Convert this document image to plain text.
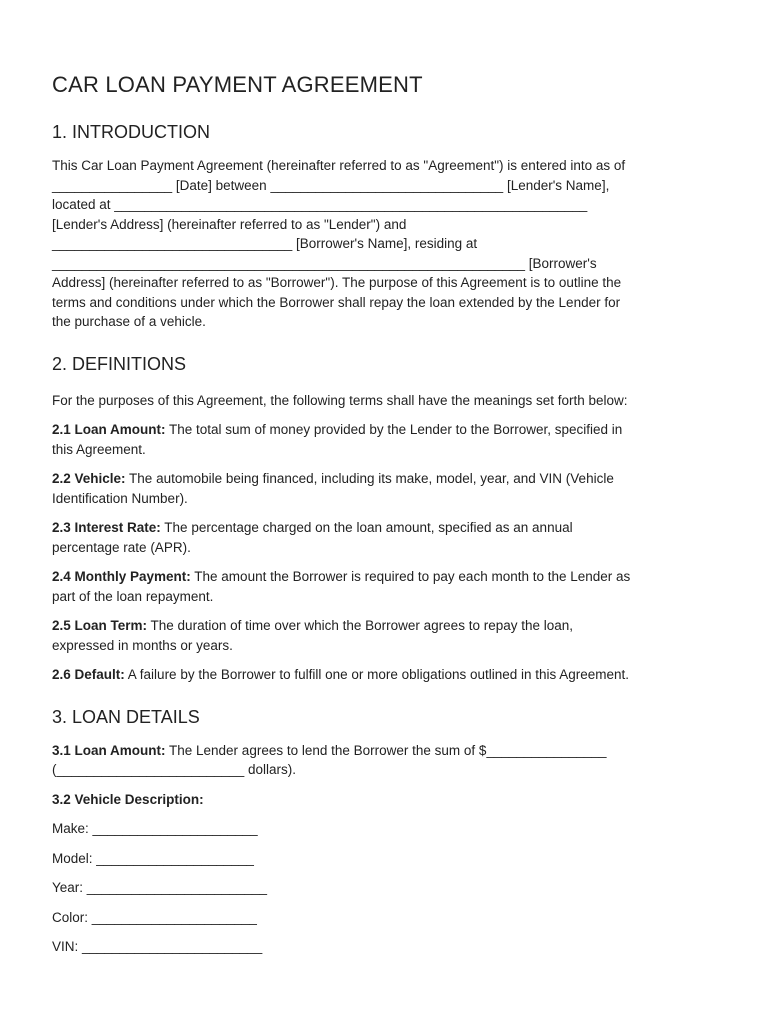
CAR LOAN PAYMENT AGREEMENT
1. INTRODUCTION

This Car Loan Payment Agreement (hereinafter referred to as "Agreement") is entered into as of

________________ [Date] between _______________________________ [Lender's Name],

located at _______________________________________________________________

[Lender's Address] (hereinafter referred to as "Lender") and

________________________________ [Borrower's Name], residing at

_______________________________________________________________ [Borrower's

Address] (hereinafter referred to as "Borrower"). The purpose of this Agreement is to outline the

terms and conditions under which the Borrower shall repay the loan extended by the Lender for

the purchase of a vehicle.

2. DEFINITIONS

For the purposes of this Agreement, the following terms shall have the meanings set forth below:

2.1 Loan Amount: The total sum of money provided by the Lender to the Borrower, specified in

this Agreement.

2.2 Vehicle: The automobile being financed, including its make, model, year, and VIN (Vehicle

Identification Number).

2.3 Interest Rate: The percentage charged on the loan amount, specified as an annual

percentage rate (APR).

2.4 Monthly Payment: The amount the Borrower is required to pay each month to the Lender as

part of the loan repayment.

2.5 Loan Term: The duration of time over which the Borrower agrees to repay the loan,

expressed in months or years.

2.6 Default: A failure by the Borrower to fulfill one or more obligations outlined in this Agreement.

3. LOAN DETAILS

3.1 Loan Amount: The Lender agrees to lend the Borrower the sum of $________________

(_________________________ dollars).

3.2 Vehicle Description:

Make: ______________________

Model: _____________________

Year: ________________________

Color: ______________________

VIN: ________________________
